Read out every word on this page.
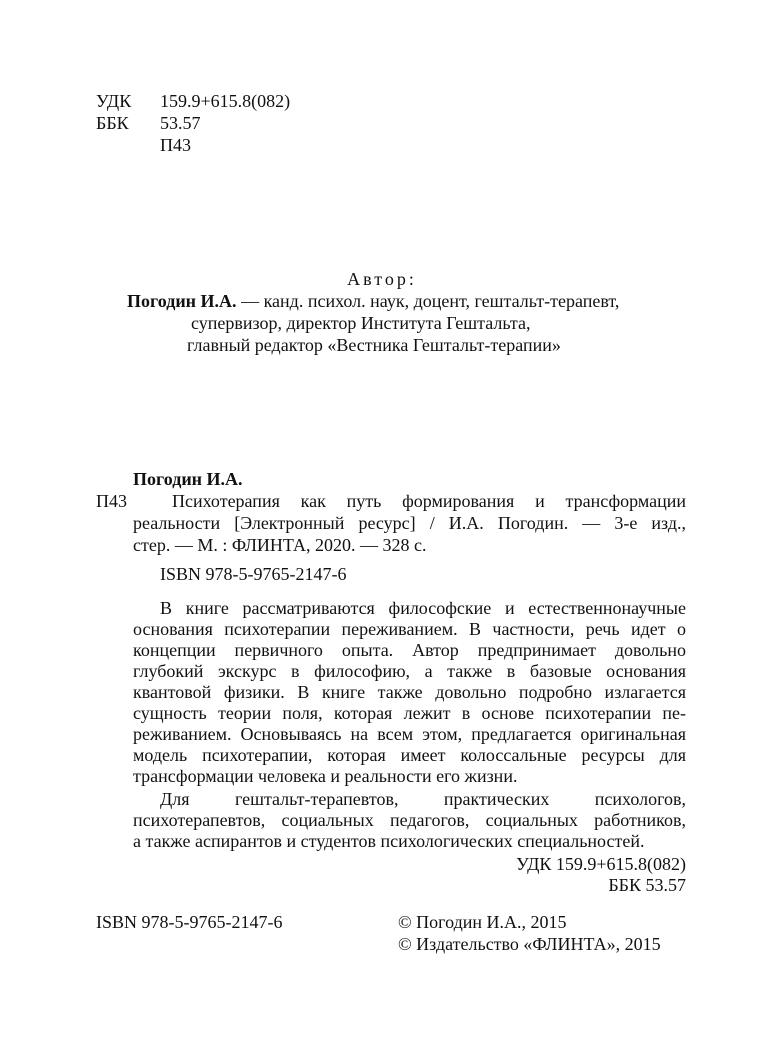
УДК 159.9+615.8(082)
ББК 53.57
П43
Автор:
Погодин И.А. — канд. психол. наук, доцент, гештальт-терапевт,
супервизор, директор Института Гештальта,
главный редактор «Вестника Гештальт-терапии»
Погодин И.А.
П43	Психотерапия как путь формирования и трансформации
реальности [Электронный ресурс] / И.А. Погодин. — 3-е изд.,
стер. — М. : ФЛИНТА, 2020. — 328 с.
ISBN 978-5-9765-2147-6
В книге рассматриваются философские и естественнонаучные
основания психотерапии переживанием. В частности, речь идет о
концепции первичного опыта. Автор предпринимает довольно
глубокий экскурс в философию, а также в базовые основания
квантовой физики. В книге также довольно подробно излагается
сущность теории поля, которая лежит в основе психотерапии пе-
реживанием. Основываясь на всем этом, предлагается оригинальная
модель психотерапии, которая имеет колоссальные ресурсы для
трансформации человека и реальности его жизни.
Для гештальт-терапевтов, практических психологов,
психотерапевтов, социальных педагогов, социальных работников,
а также аспирантов и студентов психологических специальностей.
УДК 159.9+615.8(082)
ББК 53.57
ISBN 978-5-9765-2147-6	© Погодин И.А., 2015
© Издательство «ФЛИНТА», 2015
